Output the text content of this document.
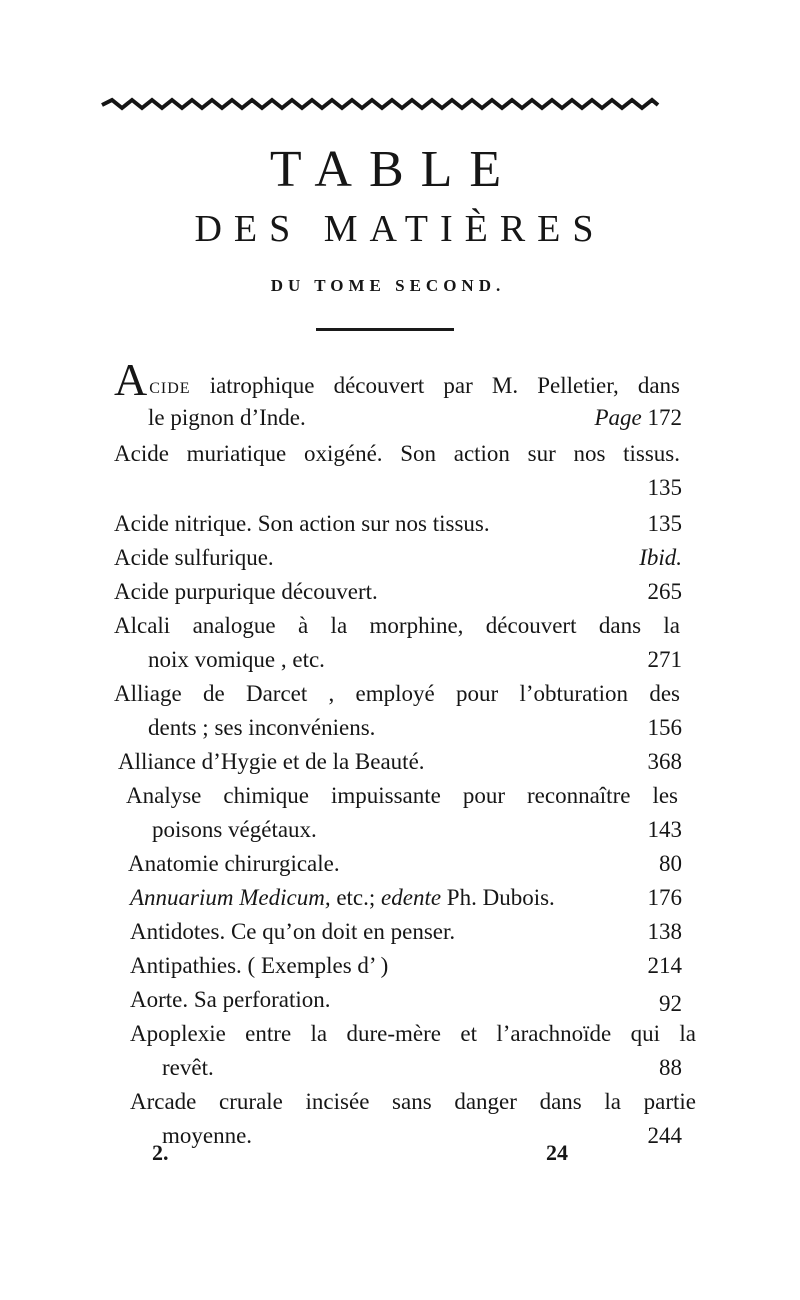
TABLE
DES MATIÈRES
DU TOME SECOND.
ACIDE iatrophique découvert par M. Pelletier, dans
le pignon d’Inde.	Page 172
Acide muriatique oxigéné. Son action sur nos tissus.
135
Acide nitrique. Son action sur nos tissus.	135
Acide sulfurique.	Ibid.
Acide purpurique découvert.	265
Alcali analogue à la morphine, découvert dans la
noix vomique , etc.	271
Alliage de Darcet , employé pour l’obturation des
dents ; ses inconvéniens.	156
Alliance d’Hygie et de la Beauté.	368
Analyse chimique impuissante pour reconnaître les
poisons végétaux.	143
Anatomie chirurgicale.	80
Annuarium Medicum, etc.; edente Ph. Dubois.	176
Antidotes. Ce qu’on doit en penser.	138
Antipathies. ( Exemples d’ )	214
Aorte. Sa perforation.	92
Apoplexie entre la dure-mère et l’arachnoïde qui la
revêt.	88
Arcade crurale incisée sans danger dans la partie
moyenne.	244
2.	24
